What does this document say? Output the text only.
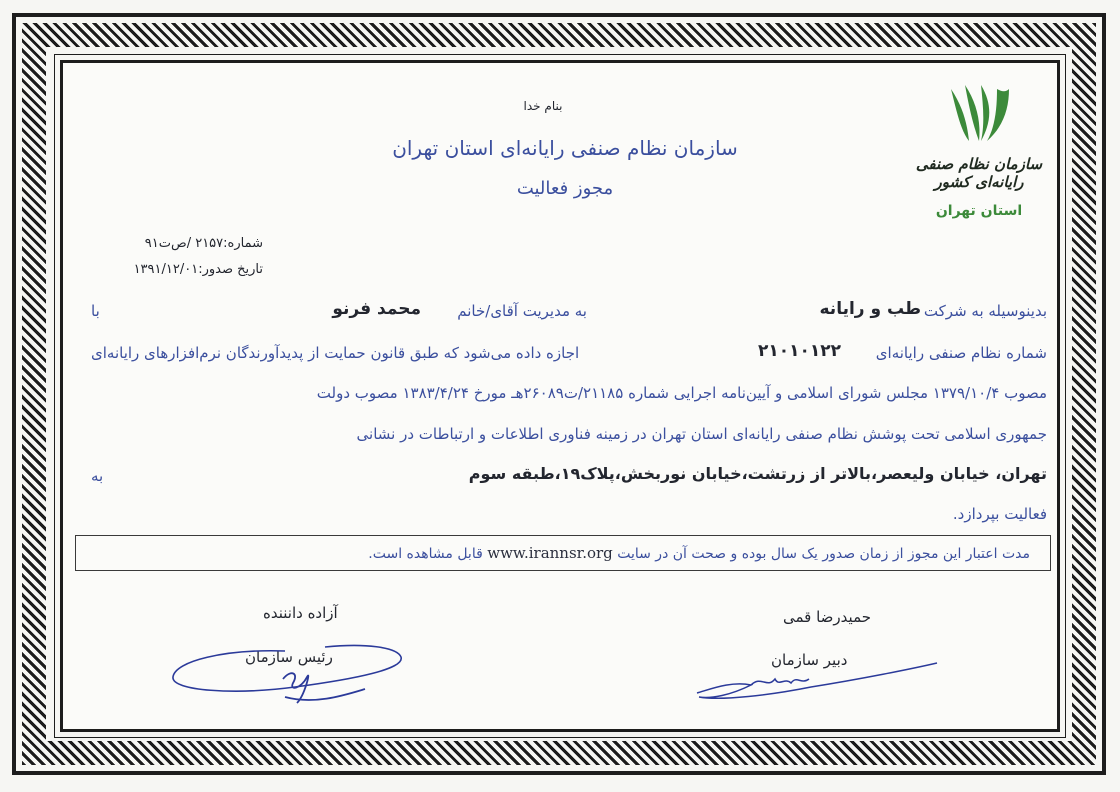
سازمان نظام صنفی رایانه‌ای کشور
استان تهران
بنام خدا
سازمان نظام صنفی رایانه‌ای استان تهران
مجوز فعالیت
شماره:۲۱۵۷ /ص‌ت۹۱
تاریخ صدور:۱۳۹۱/۱۲/۰۱
بدینوسیله به شرکت
طب و رایانه
به مدیریت آقای/خانم
محمد فرنو
با
شماره نظام صنفی رایانه‌ای
۲۱۰۱۰۱۲۲
اجازه داده می‌شود که طبق قانون حمایت از پدیدآورندگان نرم‌افزارهای رایانه‌ای
مصوب ۱۳۷۹/۱۰/۴ مجلس شورای اسلامی و آیین‌نامه اجرایی شماره ۲۱۱۸۵/ت۲۶۰۸۹هـ مورخ ۱۳۸۳/۴/۲۴ مصوب دولت
جمهوری اسلامی تحت پوشش نظام صنفی رایانه‌ای استان تهران در زمینه فناوری اطلاعات و ارتباطات در نشانی
تهران، خیابان ولیعصر،بالاتر از زرتشت،خیابان نوربخش،پلاک۱۹،طبقه سوم
به
فعالیت بپردازد.
مدت اعتبار این مجوز از زمان صدور یک سال بوده و صحت آن در سایت www.irannsr.org قابل مشاهده است.
آزاده دانننده
رئیس سازمان
حمیدرضا قمی
دبیر سازمان
